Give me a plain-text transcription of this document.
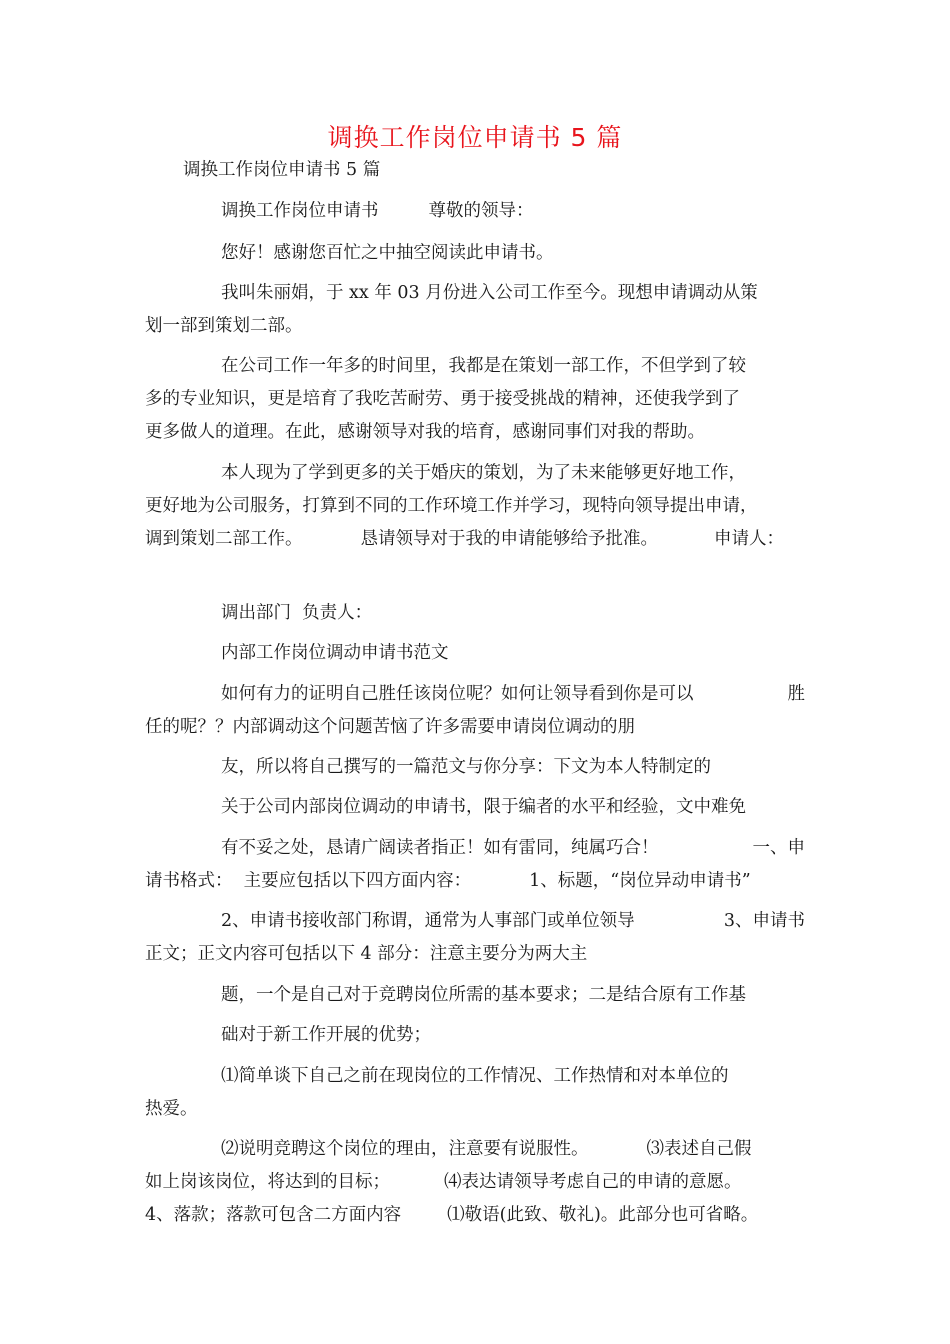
调换工作岗位申请书 5 篇
调换工作岗位申请书 5 篇
调换工作岗位申请书	尊敬的领导：
您好！感谢您百忙之中抽空阅读此申请书。
我叫朱丽娟，于 xx 年 03 月份进入公司工作至今。现想申请调动从策
划一部到策划二部。
在公司工作一年多的时间里，我都是在策划一部工作，不但学到了较
多的专业知识，更是培育了我吃苦耐劳、勇于接受挑战的精神，还使我学到了
更多做人的道理。在此，感谢领导对我的培育，感谢同事们对我的帮助。
本人现为了学到更多的关于婚庆的策划，为了未来能够更好地工作，
更好地为公司服务，打算到不同的工作环境工作并学习，现特向领导提出申请，
调到策划二部工作。	恳请领导对于我的申请能够给予批准。	申请人：
调出部门  负责人：
内部工作岗位调动申请书范文
如何有力的证明自己胜任该岗位呢？如何让领导看到你是可以	胜
任的呢？？内部调动这个问题苦恼了许多需要申请岗位调动的朋
友，所以将自己撰写的一篇范文与你分享：下文为本人特制定的
关于公司内部岗位调动的申请书，限于编者的水平和经验，文中难免
有不妥之处，恳请广阔读者指正！如有雷同，纯属巧合！	一、申
请书格式：  主要应包括以下四方面内容：	1、标题，“岗位异动申请书”
2、申请书接收部门称谓，通常为人事部门或单位领导	3、申请书
正文；正文内容可包括以下 4 部分：注意主要分为两大主
题，一个是自己对于竞聘岗位所需的基本要求；二是结合原有工作基
础对于新工作开展的优势；
⑴简单谈下自己之前在现岗位的工作情况、工作热情和对本单位的
热爱。
⑵说明竞聘这个岗位的理由，注意要有说服性。	⑶表述自己假
如上岗该岗位，将达到的目标；	⑷表达请领导考虑自己的申请的意愿。
4、落款；落款可包含二方面内容	⑴敬语(此致、敬礼)。此部分也可省略。
